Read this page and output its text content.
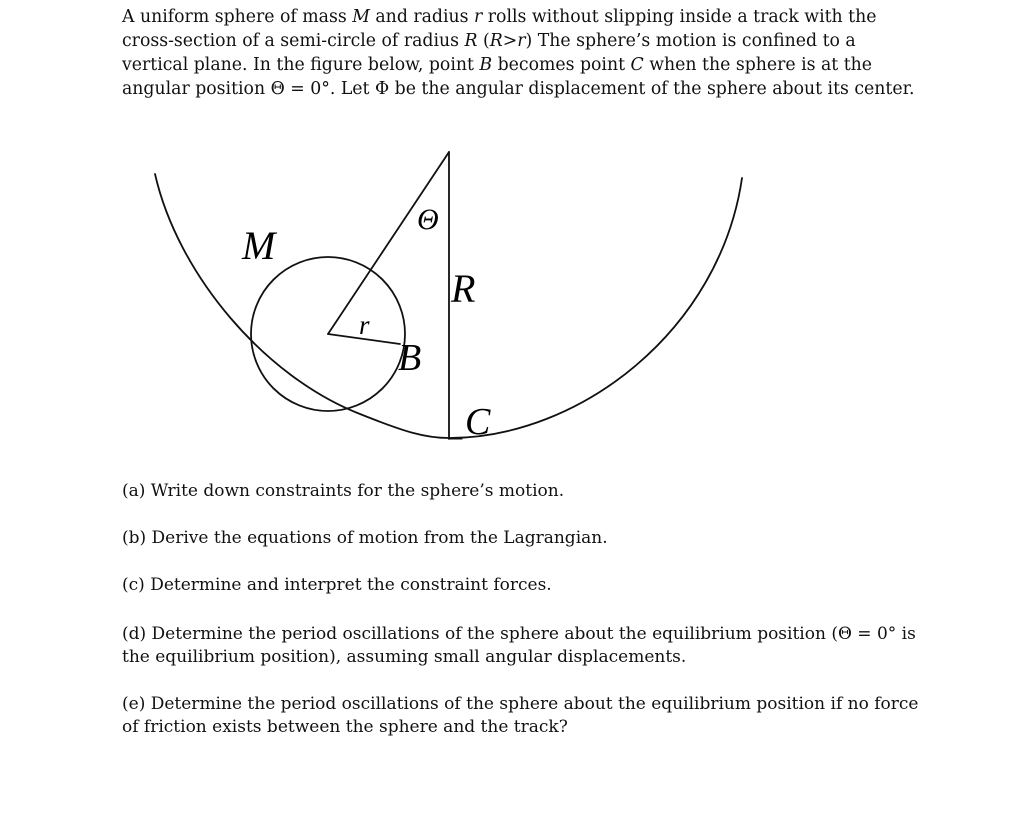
A uniform sphere of mass M and radius r rolls without slipping inside a track with the cross-section of a semi-circle of radius R (R>r) The sphere’s motion is confined to a vertical plane. In the figure below, point B becomes point C when the sphere is at the angular position Θ = 0°. Let Φ be the angular displacement of the sphere about its center.

M
Θ
R
r
B
C

(a) Write down constraints for the sphere’s motion.

(b) Derive the equations of motion from the Lagrangian.

(c) Determine and interpret the constraint forces.

(d) Determine the period oscillations of the sphere about the equilibrium position (Θ = 0° is the equilibrium position), assuming small angular displacements.

(e) Determine the period oscillations of the sphere about the equilibrium position if no force of friction exists between the sphere and the track?
